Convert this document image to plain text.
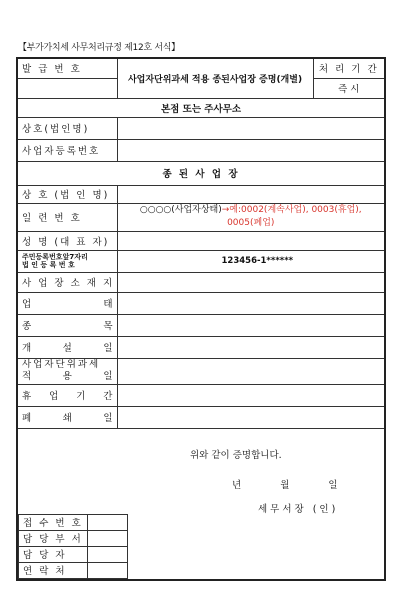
【부가가치세 사무처리규정 제12호 서식】
발 급 번 호	사업자단위과세 적용 종된사업장 증명(개별)	처 리 기 간
	즉 시
본점 또는 주사무소
상호(법인명)	
사업자등록번호	
종 된 사 업 장
상 호 (법 인 명)	
일 련 번 호	○○○○(사업자상태)→예:0002(계속사업), 0003(휴업), 0005(폐업)
성 명 (대 표 자)	
주민등록번호앞7자리
법 인 등 록 번 호	123456-1******
사 업 장 소 재 지	

업	태

종	목

개	설	일

사업자단위과세
적	용	일

휴 업 기 간

폐	쇄	일

위와 같이 증명합니다.
년 월 일
세무서장 (인)
접 수 번 호	
담 당 부 서	
담 당 자	
연 락 처	
